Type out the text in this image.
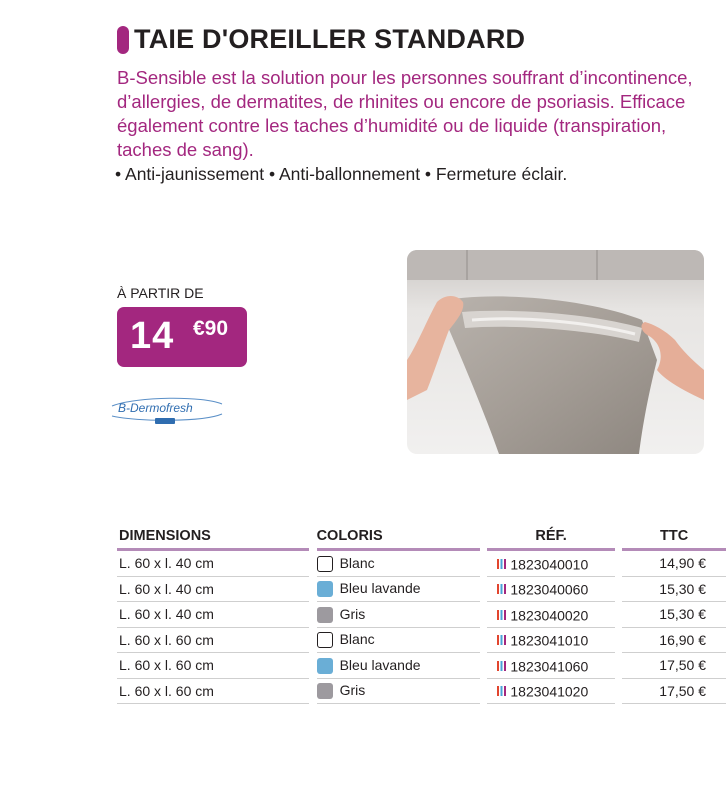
TAIE D'OREILLER STANDARD

B-Sensible est la solution pour les personnes souffrant d’incontinence, d’allergies, de dermatites, de rhinites ou encore de psoriasis. Efficace également contre les taches d’humidité ou de liquide (transpiration, taches de sang).

• Anti-jaunissement • Anti-ballonnement • Fermeture éclair.

À PARTIR DE
14 €90
B-Dermofresh
DIMENSIONS		COLORIS		RÉF.		TTC
L. 60 x l. 40 cm		Blanc		1823040010		14,90 €
L. 60 x l. 40 cm		Bleu lavande		1823040060		15,30 €
L. 60 x l. 40 cm		Gris		1823040020		15,30 €
L. 60 x l. 60 cm		Blanc		1823041010		16,90 €
L. 60 x l. 60 cm		Bleu lavande		1823041060		17,50 €
L. 60 x l. 60 cm		Gris		1823041020		17,50 €
